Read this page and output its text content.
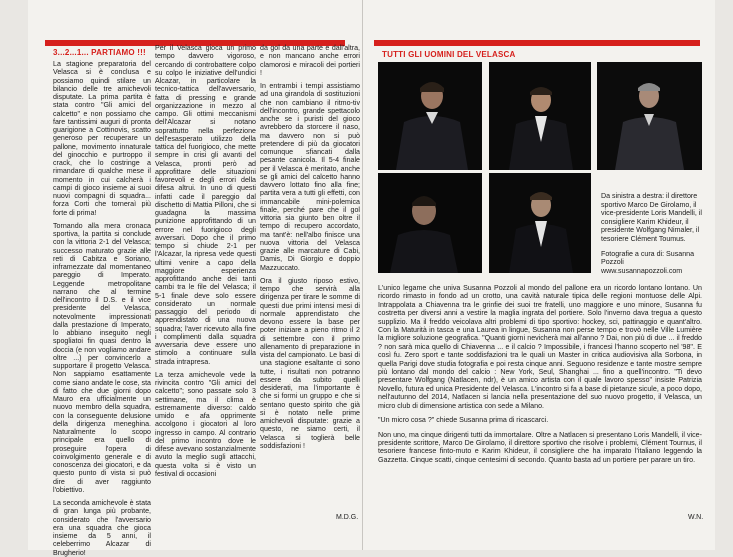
3...2...1... PARTIAMO !!!

La stagione preparatoria del Velasca si è conclusa e possiamo quindi stilare un bilancio delle tre amichevoli disputate. La prima partita è stata contro "Gli amici del calcetto" e non possiamo che fare tantissimi auguri di pronta guarigione a Cottinovis, scatto generoso per recuperare un pallone, movimento innaturale del ginocchio e purtroppo il crack, che lo costringe a rimandare di qualche mese il momento in cui calcherà i campi di gioco insieme ai suoi nuovi compagni di squadra... forza Corti che torneraì più forte di prima!

Tornando alla mera cronaca sportiva, la partita si conclude con la vittoria 2-1 del Velasca; successo maturato grazie alle reti di Cabitza e Soriano, inframezzate dal momentaneo pareggio di Imperato. Leggende metropolitane narrano che al termine dell'incontro il D.S. e il vice presidente del Velasca, notevolmente impressionati dalla prestazione di Imperato, lo abbiano inseguito negli spogliatoi fin quasi dentro la doccia (e non vogliamo andare oltre ...) per convincerlo a supportare il progetto Velasca. Non sappiamo esattamente come siano andate le cose, sta di fatto che due giorni dopo Mauro era ufficialmente un nuovo membro della squadra, con la conseguente delusione della dirigenza meneghina. Naturalmente lo scopo principale era quello di proseguire l'opera di coinvolgimento generale e di conoscenza dei giocatori, e da questo punto di vista si può dire di aver raggiunto l'obiettivo.

La seconda amichevole è stata di gran lunga più probante, considerato che l'avversario era una squadra che gioca insieme da 5 anni, il celeberrimo Alcazar di Brugherio!

Per il Velasca gioca un primo tempo davvero vigoroso, cercando di controbattere colpo su colpo le iniziative dell'undici Alcazar, in particolare la tecnico-tattica dell'avversario, fatta di pressing e grande organizzazione in mezzo al campo. Gli ottimi meccanismi dell'Alcazar si notano soprattutto nella perfezione dell'esasperato utilizzo della tattica del fuorigioco, che mette sempre in crisi gli avanti del Velasca, pronti però ad approfittare delle situazioni favorevoli e degli errori della difesa altrui. In uno di questi infatti cade il pareggio dal dischetto di Mattia Pilloni, che si guadagna la massima punizione approfittando di un errore nel fuorigioco degli avversari. Dopo che il primo tempo si chiude 2-1 per l'Alcazar, la ripresa vede questi ultimi venire a capo della maggiore esperienza approfittando anche dei tanti cambi tra le file del Velasca; il 5-1 finale deve solo essere considerato un normale passaggio del periodo di apprendistato di una nuova squadra; l'aver ricevuto alla fine i complimenti dalla squadra avversaria deve essere uno stimolo a continuare sulla strada intrapresa.

La terza amichevole vede la rivincita contro "Gli amici del calcetto"; sono passate solo 3 settimane, ma il clima è estremamente diverso: caldo umido e afa opprimente accolgono i giocatori al loro ingresso in campo. Al contrario del primo incontro dove le difese avevano sostanzialmente avuto la meglio sugli attacchi, questa volta si è visto un festival di occasioni

da gol da una parte e dall'altra, e non mancano anche errori clamorosi e miracoli dei portieri !

In entrambi i tempi assistiamo ad una girandola di sostituzioni che non cambiano il ritmo-tiv dell'incontro, grande spettacolo anche se i puristi del gioco avrebbero da storcere il naso, ma davvero non si può pretendere di più da giocatori comunque sfiancati dalla pesante canicola. Il 5-4 finale per il Velasca è meritato, anche se gli amici del calcetto hanno davvero lottato fino alla fine; partita vera a tutti gli effetti, con immancabile mini-polemica finale, perché pare che il gol vittoria sia giunto ben oltre il tempo di recupero accordato, ma tant'è: nell'albo finisce una nuova vittoria del Velasca grazie alle marcature di Cabi, Damis, Di Giorgio e doppio Mazzuccato.

Ora il giusto riposo estivo, tempo che servirà alla dirigenza per tirare le somme di questi due primi intensi mesi di normale apprendistato che devono essere la base per poter iniziare a pieno ritmo il 2 di settembre con il primo allenamento di preparazione in vista del campionato. Le basi di una stagione esaltante ci sono tutte, i risultati non potranno essere da subito quelli desiderati, ma l'importante è che si formi un gruppo e che si sentano questo spirito che già si è notato nelle prime amichevoli disputate: grazie a questo, ne siamo certi, il Velasca si toglierà belle soddisfazioni !

M.D.G.
TUTTI GLI UOMINI DEL VELASCA

Da sinistra a destra: il direttore sportivo Marco De Girolamo, il vice-presidente Loris Mandelli, il consigliere Karim Khideur, il presidente Wolfgang Nimaler, il tesoriere Clément Toumus.

Fotografie a cura di: Susanna Pozzoli www.susannapozzoli.com

L'unico legame che univa Susanna Pozzoli al mondo del pallone era un ricordo lontano lontano. Un ricordo rimasto in fondo ad un crotto, una cavità naturale tipica delle regioni montuose delle Alpi. Intrappolata a Chiavenna tra le grinfie dei suoi tre fratelli, uno maggiore e uno minore, Susanna fu costretta per diversi anni a vestire la maglia ingrata del portiere. Solo l'inverno dava tregua a questo supplizio. Ma il freddo veicolava altri problemi di tipo sportivo: hockey, sci, pattinaggio e quant'altro. Con la Maturità in tasca e una Laurea in lingue, Susanna non perse tempo e trovò nelle Ville Lumière la migliore soluzione geografica. "Quanti giorni nevicherà mai all'anno ? Dai, non più di due ... il freddo ? non sarà mica quello di Chiavenna ... e il calcio ? Impossibile, i francesi l'hanno scoperto nel '98". E così fu. Zero sport e tante soddisfazioni tra le quali un Master in critica audiovisiva alla Sorbona, in quella Parigi dove studia fotografia e poi resta cinque anni. Seguono residenze e tante mostre sempre più lontano dal mondo del calcio : New York, Seul, Shanghai ... fino a quell'incontro. "Ti devo presentare Wolfgang (Natlacen, ndr), è un amico artista con il quale lavoro spesso" insiste Patrizia Novello, futura ed unica Presidente del Velasca. L'incontro si fa a base di pietanze sicule, a poco dopo, nell'autunno del 2014, Natlacen si lancia nella presentazione del suo nuovo progetto, il Velasca, un micro club di dimensione artistica con sede a Milano.

"Un micro cosa ?" chiede Susanna prima di ricascarci.

Non uno, ma cinque dirigenti tutti da immortalare. Oltre a Natlacen si presentano Loris Mandelli, il vice-presidente scrittore, Marco De Girolamo, il direttore sportivo che risolve i problemi, Clément Tournus, il tesoriere francese finto-muto e Karim Khideur, il consigliere che ha imparato l'italiano leggendo la Gazzetta. Cinque scatti, cinque centesimi di secondo. Quanto basta ad un portiere per parare un tiro.

W.N.
